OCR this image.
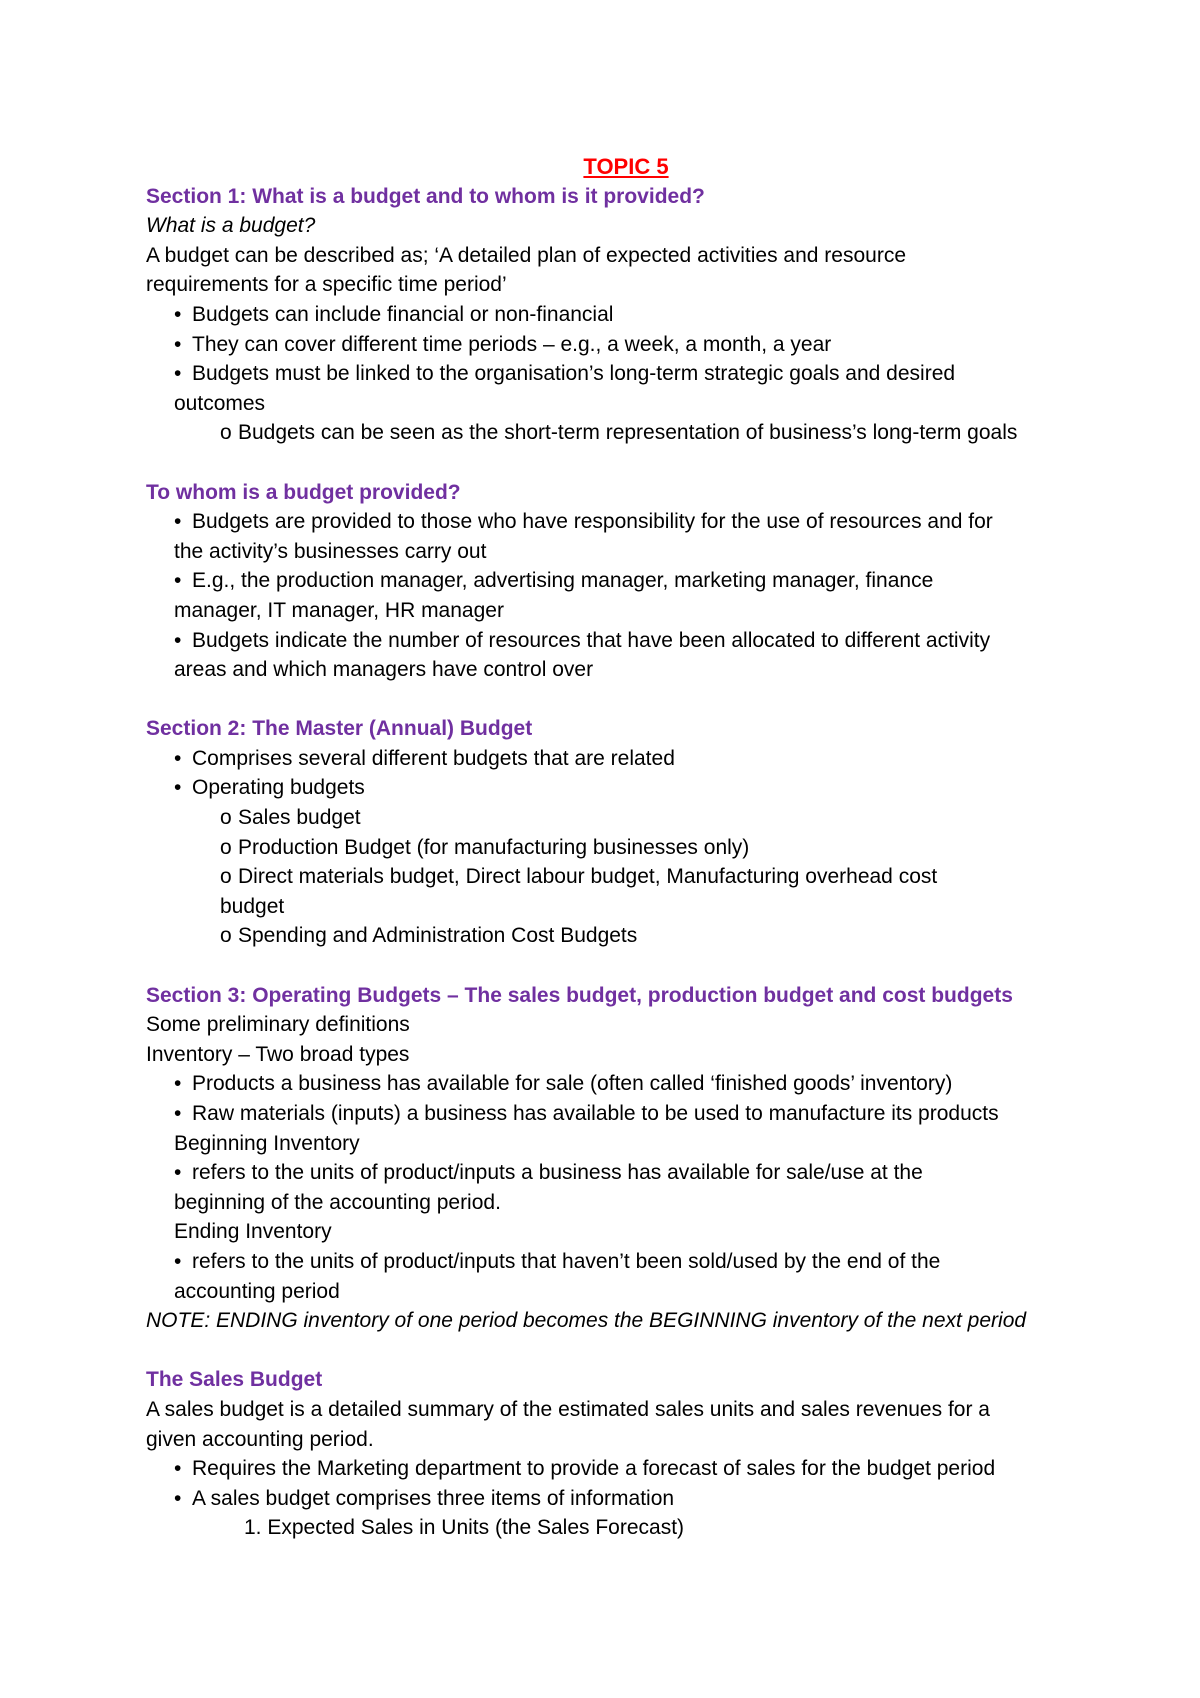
TOPIC 5
Section 1: What is a budget and to whom is it provided?
What is a budget?
A budget can be described as; ‘A detailed plan of expected activities and resource
requirements for a specific time period’
• Budgets can include financial or non-financial
• They can cover different time periods – e.g., a week, a month, a year
• Budgets must be linked to the organisation’s long-term strategic goals and desired
outcomes
o Budgets can be seen as the short-term representation of business’s long-term goals
To whom is a budget provided?
• Budgets are provided to those who have responsibility for the use of resources and for
the activity’s businesses carry out
• E.g., the production manager, advertising manager, marketing manager, finance
manager, IT manager, HR manager
• Budgets indicate the number of resources that have been allocated to different activity
areas and which managers have control over
Section 2: The Master (Annual) Budget
• Comprises several different budgets that are related
• Operating budgets
o Sales budget
o Production Budget (for manufacturing businesses only)
o Direct materials budget, Direct labour budget, Manufacturing overhead cost
budget
o Spending and Administration Cost Budgets
Section 3: Operating Budgets – The sales budget, production budget and cost budgets
Some preliminary definitions
Inventory – Two broad types
• Products a business has available for sale (often called ‘finished goods’ inventory)
• Raw materials (inputs) a business has available to be used to manufacture its products
Beginning Inventory
• refers to the units of product/inputs a business has available for sale/use at the
beginning of the accounting period.
Ending Inventory
• refers to the units of product/inputs that haven’t been sold/used by the end of the
accounting period
NOTE: ENDING inventory of one period becomes the BEGINNING inventory of the next period
The Sales Budget
A sales budget is a detailed summary of the estimated sales units and sales revenues for a
given accounting period.
• Requires the Marketing department to provide a forecast of sales for the budget period
• A sales budget comprises three items of information
1. Expected Sales in Units (the Sales Forecast)
